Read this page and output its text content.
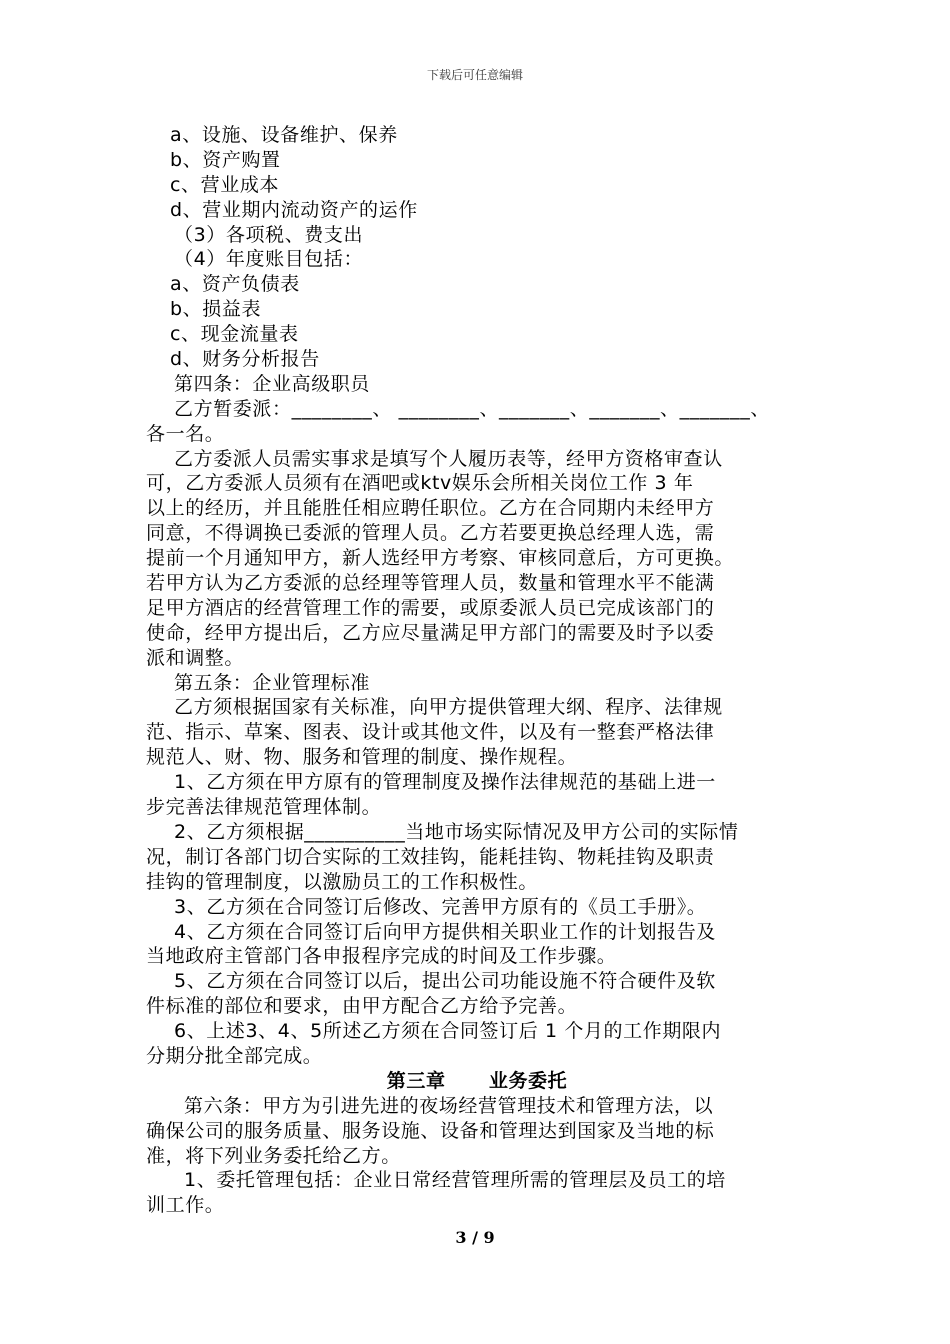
下载后可任意编辑
a、设施、设备维护、保养
b、资产购置
c、营业成本
d、营业期内流动资产的运作
（3）各项税、费支出
（4）年度账目包括：
a、资产负债表
b、损益表
c、现金流量表
d、财务分析报告
第四条：企业高级职员
乙方暂委派：________、 ________、_______、_______、_______、
各一名。
乙方委派人员需实事求是填写个人履历表等，经甲方资格审查认
可，乙方委派人员须有在酒吧或ktv娱乐会所相关岗位工作 3 年
以上的经历，并且能胜任相应聘任职位。乙方在合同期内未经甲方
同意，不得调换已委派的管理人员。乙方若要更换总经理人选，需
提前一个月通知甲方，新人选经甲方考察、审核同意后，方可更换。
若甲方认为乙方委派的总经理等管理人员，数量和管理水平不能满
足甲方酒店的经营管理工作的需要，或原委派人员已完成该部门的
使命，经甲方提出后，乙方应尽量满足甲方部门的需要及时予以委
派和调整。
第五条：企业管理标准
乙方须根据国家有关标准，向甲方提供管理大纲、程序、法律规
范、指示、草案、图表、设计或其他文件，以及有一整套严格法律
规范人、财、物、服务和管理的制度、操作规程。
1、乙方须在甲方原有的管理制度及操作法律规范的基础上进一
步完善法律规范管理体制。
2、乙方须根据__________当地市场实际情况及甲方公司的实际情
况，制订各部门切合实际的工效挂钩，能耗挂钩、物耗挂钩及职责
挂钩的管理制度，以激励员工的工作积极性。
3、乙方须在合同签订后修改、完善甲方原有的《员工手册》。
4、乙方须在合同签订后向甲方提供相关职业工作的计划报告及
当地政府主管部门各申报程序完成的时间及工作步骤。
5、乙方须在合同签订以后，提出公司功能设施不符合硬件及软
件标准的部位和要求，由甲方配合乙方给予完善。
6、上述3、4、5所述乙方须在合同签订后 1 个月的工作期限内
分期分批全部完成。
第三章      业务委托
第六条：甲方为引进先进的夜场经营管理技术和管理方法，以
确保公司的服务质量、服务设施、设备和管理达到国家及当地的标
准，将下列业务委托给乙方。
1、委托管理包括：企业日常经营管理所需的管理层及员工的培
训工作。
3 / 9
